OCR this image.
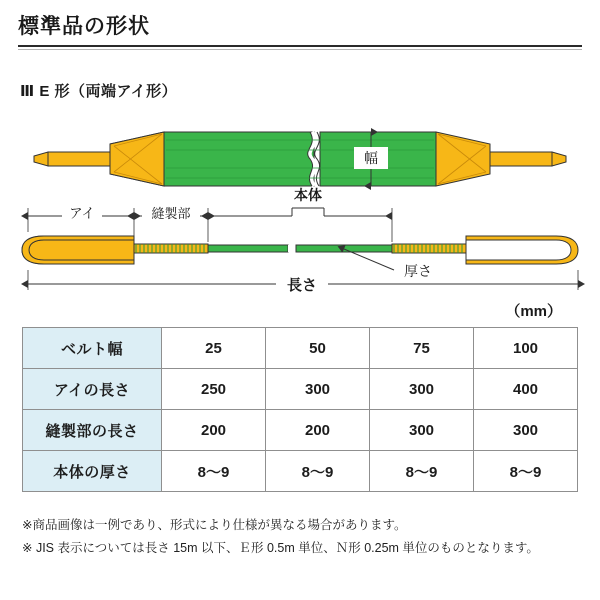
標準品の形状
Ⅲ E 形（両端アイ形）
幅
アイ	縫製部
本体
厚さ
長さ
（mm）
ベルト幅	25	50	75	100
アイの長さ	250	300	300	400
縫製部の長さ	200	200	300	300
本体の厚さ	8～9	8～9	8～9	8～9
※商品画像は一例であり、形式により仕様が異なる場合があります。
※ JIS 表示については長さ 15m 以下、Ｅ形 0.5m 単位、Ｎ形 0.25m 単位のものとなります。
